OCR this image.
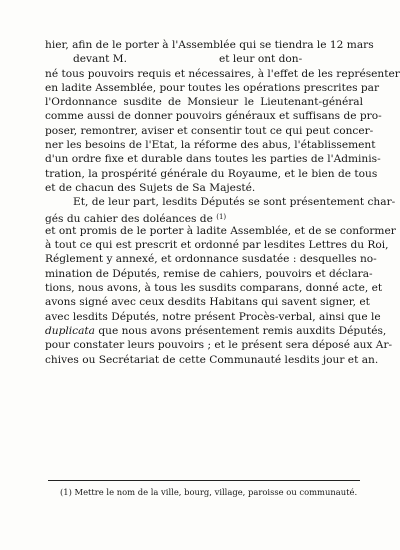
hier, afin de le porter à l'Assemblée qui se tiendra le 12 mars
devant M.	et leur ont don-
né tous pouvoirs requis et nécessaires, à l'effet de les représenter
en ladite Assemblée, pour toutes les opérations prescrites par
l'Ordonnance susdite de Monsieur le Lieutenant-général
comme aussi de donner pouvoirs généraux et suffisans de pro-
poser, remontrer, aviser et consentir tout ce qui peut concer-
ner les besoins de l'Etat, la réforme des abus, l'établissement
d'un ordre fixe et durable dans toutes les parties de l'Adminis-
tration, la prospérité générale du Royaume, et le bien de tous
et de chacun des Sujets de Sa Majesté.
Et, de leur part, lesdits Députés se sont présentement char-
gés du cahier des doléances de $^{(1)}$
et ont promis de le porter à ladite Assemblée, et de se conformer
à tout ce qui est prescrit et ordonné par lesdites Lettres du Roi,
Réglement y annexé, et ordonnance susdatée : desquelles no-
mination de Députés, remise de cahiers, pouvoirs et déclara-
tions, nous avons, à tous les susdits comparans, donné acte, et
avons signé avec ceux desdits Habitans qui savent signer, et
avec lesdits Députés, notre présent Procès-verbal, ainsi que le
duplicata que nous avons présentement remis auxdits Députés,
pour constater leurs pouvoirs ; et le présent sera déposé aux Ar-
chives ou Secrétariat de cette Communauté lesdits jour et an.
(1) Mettre le nom de la ville, bourg, village, paroisse ou communauté.
